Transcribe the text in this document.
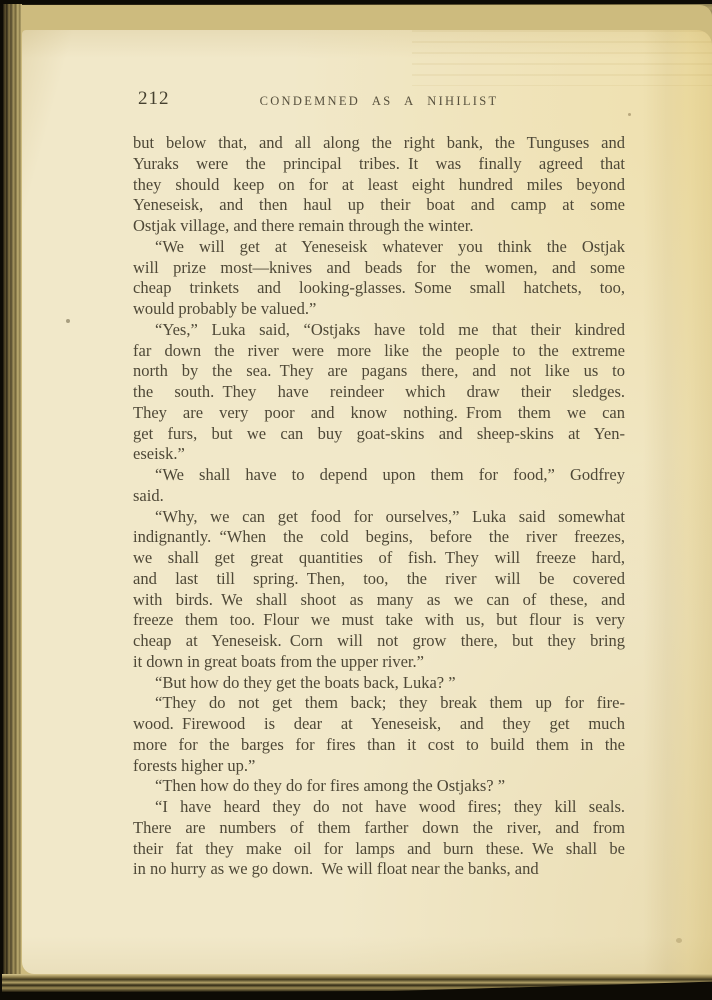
212	CONDEMNED AS A NIHILIST
but below that, and all along the right bank, the Tunguses and
Yuraks were the principal tribes. It was finally agreed that
they should keep on for at least eight hundred miles beyond
Yeneseisk, and then haul up their boat and camp at some
Ostjak village, and there remain through the winter.
“We will get at Yeneseisk whatever you think the Ostjak
will prize most—knives and beads for the women, and some
cheap trinkets and looking-glasses. Some small hatchets, too,
would probably be valued.”
“Yes,” Luka said, “Ostjaks have told me that their kindred
far down the river were more like the people to the extreme
north by the sea. They are pagans there, and not like us to
the south. They have reindeer which draw their sledges.
They are very poor and know nothing. From them we can
get furs, but we can buy goat-skins and sheep-skins at Yen-
eseisk.”
“We shall have to depend upon them for food,” Godfrey
said.
“Why, we can get food for ourselves,” Luka said somewhat
indignantly. “When the cold begins, before the river freezes,
we shall get great quantities of fish. They will freeze hard,
and last till spring. Then, too, the river will be covered
with birds. We shall shoot as many as we can of these, and
freeze them too. Flour we must take with us, but flour is very
cheap at Yeneseisk. Corn will not grow there, but they bring
it down in great boats from the upper river.”
“But how do they get the boats back, Luka? ”
“They do not get them back; they break them up for fire-
wood. Firewood is dear at Yeneseisk, and they get much
more for the barges for fires than it cost to build them in the
forests higher up.”
“Then how do they do for fires among the Ostjaks? ”
“I have heard they do not have wood fires; they kill seals.
There are numbers of them farther down the river, and from
their fat they make oil for lamps and burn these. We shall be
in no hurry as we go down. We will float near the banks, and
